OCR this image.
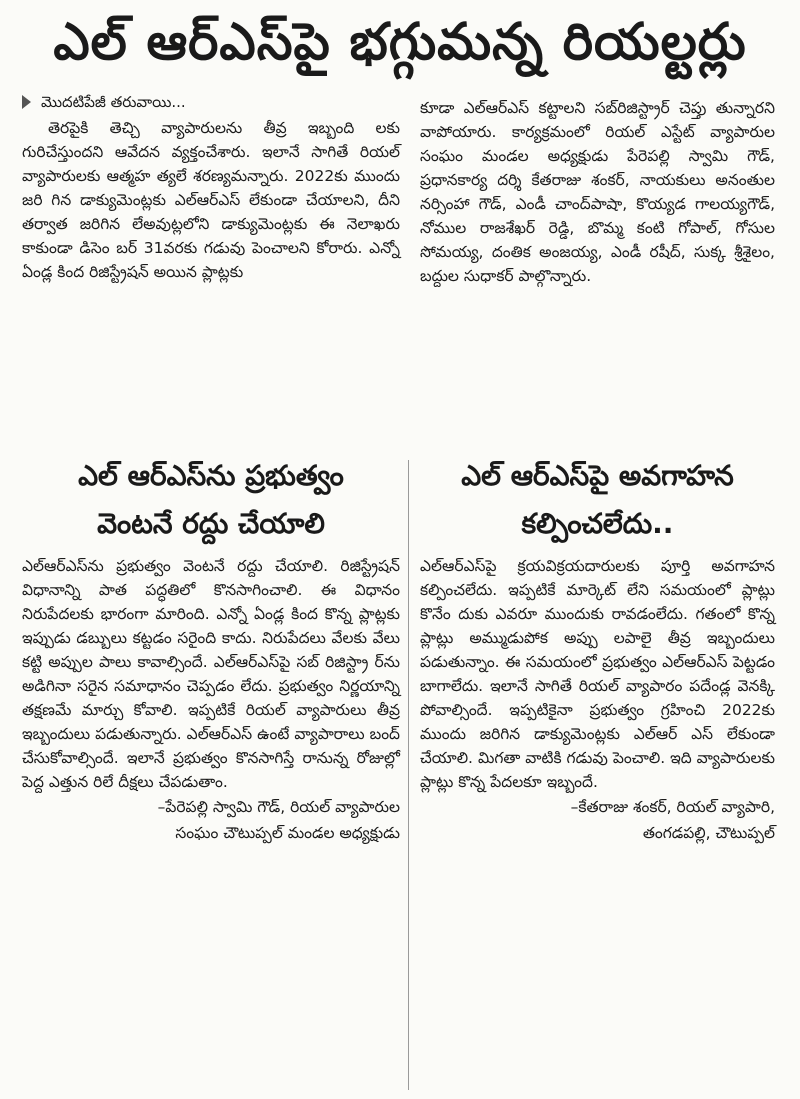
ఎల్ ఆర్ఎస్‌పై భగ్గుమన్న రియల్టర్లు
మొదటిపేజీ తరువాయి...

తెరపైకి తెచ్చి వ్యాపారులను తీవ్ర ఇబ్బంది లకు గురిచేస్తుందని ఆవేదన వ్యక్తంచేశారు. ఇలానే సాగితే రియల్ వ్యాపారులకు ఆత్మహ త్యలే శరణ్యమన్నారు. 2022కు ముందు జరి గిన డాక్యుమెంట్లకు ఎల్ఆర్ఎస్ లేకుండా చేయాలని, దీని తర్వాత జరిగిన లేఅవుట్లలోని డాక్యుమెంట్లకు ఈ నెలాఖరు కాకుండా డిసెం బర్ 31వరకు గడువు పెంచాలని కోరారు. ఎన్నో ఏండ్ల కింద రిజిస్ట్రేషన్ అయిన ప్లాట్లకు

కూడా ఎల్ఆర్ఎస్ కట్టాలని సబ్‌రిజిస్ట్రార్ చెప్తు తున్నారని వాపోయారు. కార్యక్రమంలో రియల్ ఎస్టేట్ వ్యాపారుల సంఘం మండల అధ్యక్షుడు పేరెపల్లి స్వామి గౌడ్, ప్రధానకార్య దర్శి కేతరాజు శంకర్, నాయకులు అనంతుల నర్సింహా గౌడ్, ఎండీ చాంద్‌పాషా, కొయ్యడ గాలయ్యగౌడ్, నోముల రాజశేఖర్ రెడ్డి, బొమ్మ కంటి గోపాల్, గోసుల సోమయ్య, దంతిక అంజయ్య, ఎండీ రషీద్, సుక్క శ్రీశైలం, బద్దుల సుధాకర్ పాల్గొన్నారు.

ఎల్ ఆర్ఎస్‌ను ప్రభుత్వం
వెంటనే రద్దు చేయాలి

ఎల్ఆర్ఎస్‌ను ప్రభుత్వం వెంటనే రద్దు చేయాలి. రిజిస్ట్రేషన్ విధానాన్ని పాత పద్ధతిలో కొనసాగించాలి. ఈ విధానం నిరుపేదలకు భారంగా మారింది. ఎన్నో ఏండ్ల కింద కొన్న ప్లాట్లకు ఇప్పుడు డబ్బులు కట్టడం సరైంది కాదు. నిరుపేదలు వేలకు వేలు కట్టి అప్పుల పాలు కావాల్సిందే. ఎల్ఆర్ఎస్‌పై సబ్ రిజిస్ట్రా ర్‌ను అడిగినా సరైన సమాధానం చెప్పడం లేదు. ప్రభుత్వం నిర్ణయాన్ని తక్షణమే మార్చు కోవాలి. ఇప్పటికే రియల్ వ్యాపారులు తీవ్ర ఇబ్బందులు పడుతున్నారు. ఎల్ఆర్ఎస్ ఉంటే వ్యాపారాలు బంద్ చేసుకోవాల్సిందే. ఇలానే ప్రభుత్వం కొనసాగిస్తే రానున్న రోజుల్లో పెద్ద ఎత్తున రిలే దీక్షలు చేపడుతాం.

–పేరెపల్లి స్వామి గౌడ్, రియల్ వ్యాపారుల
సంఘం చౌటుప్పల్ మండల అధ్యక్షుడు

ఎల్ ఆర్ఎస్‌పై అవగాహన
కల్పించలేదు..

ఎల్ఆర్ఎస్‌పై క్రయవిక్రయదారులకు పూర్తి అవగాహన కల్పించలేదు. ఇప్పటికే మార్కెట్ లేని సమయంలో ప్లాట్లు కొనేం దుకు ఎవరూ ముందుకు రావడంలేదు. గతంలో కొన్న ప్లాట్లు అమ్ముడుపోక అప్పు లపాలై తీవ్ర ఇబ్బందులు పడుతున్నాం. ఈ సమయంలో ప్రభుత్వం ఎల్ఆర్ఎస్ పెట్టడం బాగాలేదు. ఇలానే సాగితే రియల్ వ్యాపారం పదేండ్ల వెనక్కి పోవాల్సిందే. ఇప్పటికైనా ప్రభుత్వం గ్రహించి 2022కు ముందు జరిగిన డాక్యుమెంట్లకు ఎల్ఆర్ ఎస్ లేకుండా చేయాలి. మిగతా వాటికి గడువు పెంచాలి. ఇది వ్యాపారులకు ప్లాట్లు కొన్న పేదలకూ ఇబ్బందే.

–కేతరాజు శంకర్, రియల్ వ్యాపారి,
తంగడపల్లి, చౌటుప్పల్
